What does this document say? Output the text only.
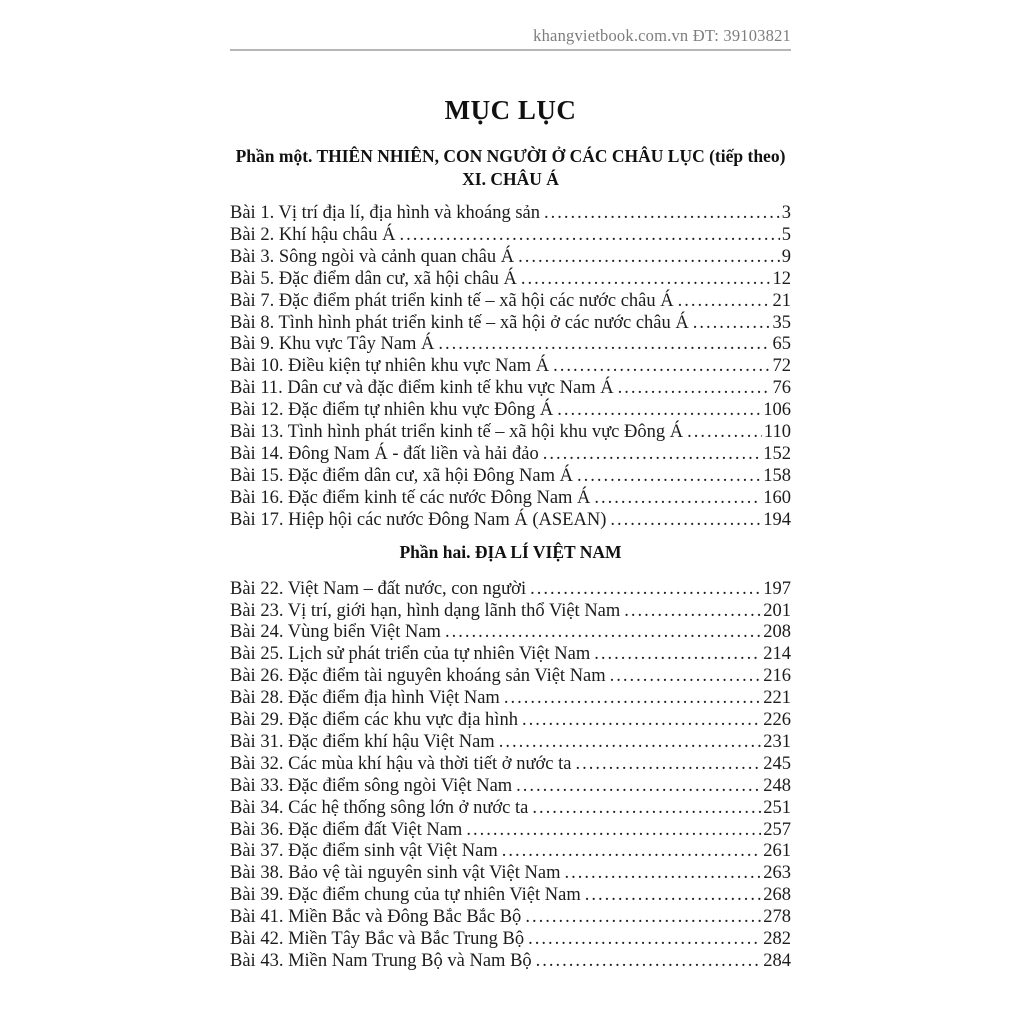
khangvietbook.com.vn ĐT: 39103821
MỤC LỤC
Phần một. THIÊN NHIÊN, CON NGƯỜI Ở CÁC CHÂU LỤC (tiếp theo)
XI. CHÂU Á
Bài 1. Vị trí địa lí, địa hình và khoáng sản .....	3
Bài 2. Khí hậu châu Á .....	5
Bài 3. Sông ngòi và cảnh quan châu Á .....	9
Bài 5. Đặc điểm dân cư, xã hội châu Á .....	12
Bài 7. Đặc điểm phát triển kinh tế – xã hội các nước châu Á .....	21
Bài 8. Tình hình phát triển kinh tế – xã hội ở các nước châu Á .....	35
Bài 9. Khu vực Tây Nam Á .....	65
Bài 10. Điều kiện tự nhiên khu vực Nam Á .....	72
Bài 11. Dân cư và đặc điểm kinh tế khu vực Nam Á .....	76
Bài 12. Đặc điểm tự nhiên khu vực Đông Á .....	106
Bài 13. Tình hình phát triển kinh tế – xã hội khu vực Đông Á .....	110
Bài 14. Đông Nam Á - đất liền và hải đảo .....	152
Bài 15. Đặc điểm dân cư, xã hội Đông Nam Á .....	158
Bài 16. Đặc điểm kinh tế các nước Đông Nam Á .....	160
Bài 17. Hiệp hội các nước Đông Nam Á (ASEAN) .....	194
Phần hai. ĐỊA LÍ VIỆT NAM
Bài 22. Việt Nam – đất nước, con người .....	197
Bài 23. Vị trí, giới hạn, hình dạng lãnh thổ Việt Nam .....	201
Bài 24. Vùng biển Việt Nam .....	208
Bài 25. Lịch sử phát triển của tự nhiên Việt Nam .....	214
Bài 26. Đặc điểm tài nguyên khoáng sản Việt Nam .....	216
Bài 28. Đặc điểm địa hình Việt Nam .....	221
Bài 29. Đặc điểm các khu vực địa hình .....	226
Bài 31. Đặc điểm khí hậu Việt Nam .....	231
Bài 32. Các mùa khí hậu và thời tiết ở nước ta .....	245
Bài 33. Đặc điểm sông ngòi Việt Nam .....	248
Bài 34. Các hệ thống sông lớn ở nước ta .....	251
Bài 36. Đặc điểm đất Việt Nam .....	257
Bài 37. Đặc điểm sinh vật Việt Nam .....	261
Bài 38. Bảo vệ tài nguyên sinh vật Việt Nam .....	263
Bài 39. Đặc điểm chung của tự nhiên Việt Nam .....	268
Bài 41. Miền Bắc và Đông Bắc Bắc Bộ .....	278
Bài 42. Miền Tây Bắc và Bắc Trung Bộ .....	282
Bài 43. Miền Nam Trung Bộ và Nam Bộ .....	284
